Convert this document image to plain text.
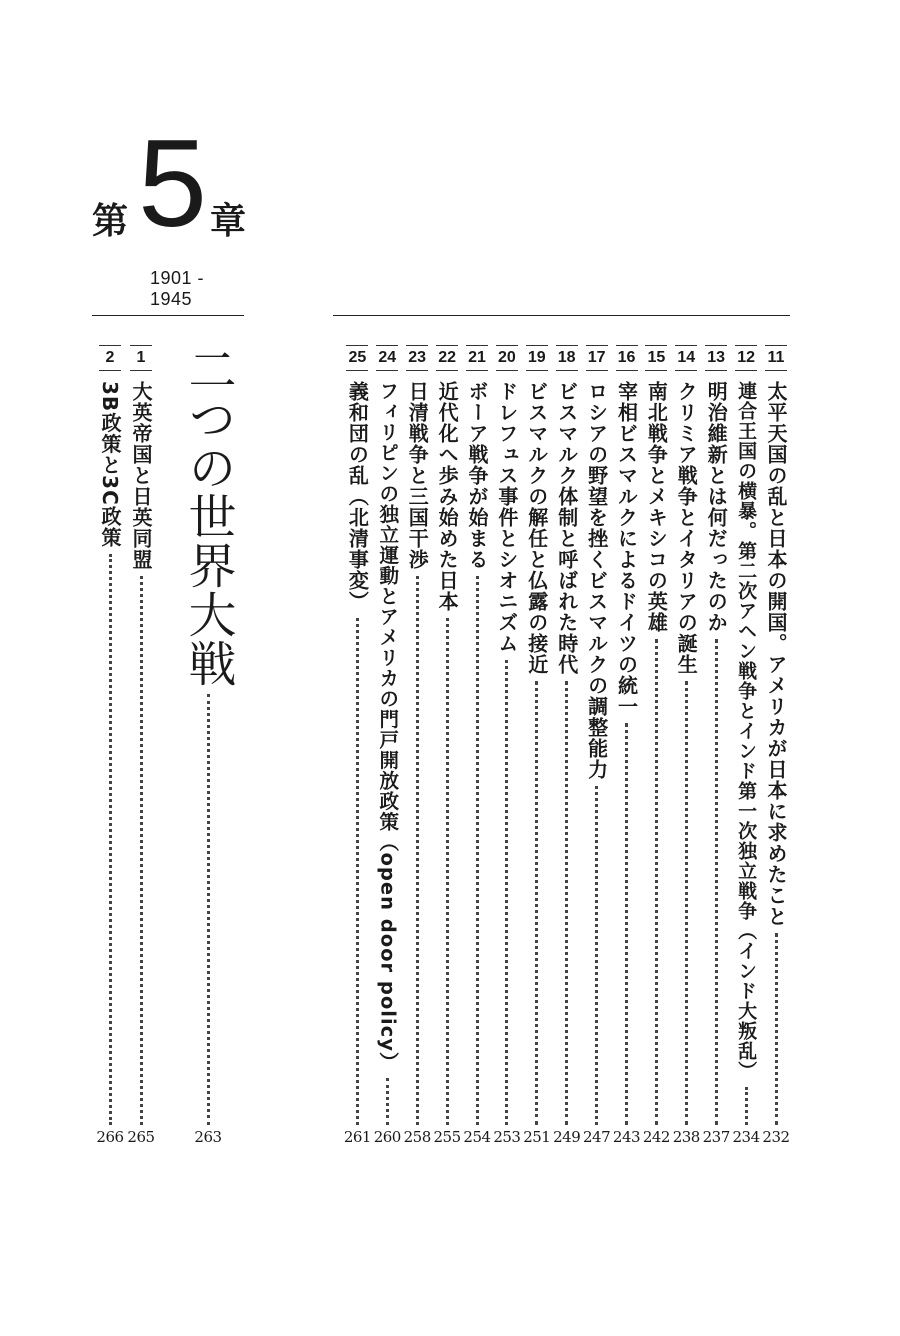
第 5 章
1901 - 1945
二つの世界大戦
1
大英帝国と日英同盟
2
3B政策と3C政策
11
太平天国の乱と日本の開国。アメリカが日本に求めたこと
12
連合王国の横暴。第二次アヘン戦争とインド第一次独立戦争（インド大叛乱）
13
明治維新とは何だったのか
14
クリミア戦争とイタリアの誕生
15
南北戦争とメキシコの英雄
16
宰相ビスマルクによるドイツの統一
17
ロシアの野望を挫くビスマルクの調整能力
18
ビスマルク体制と呼ばれた時代
19
ビスマルクの解任と仏露の接近
20
ドレフュス事件とシオニズム
21
ボーア戦争が始まる
22
近代化へ歩み始めた日本
23
日清戦争と三国干渉
24
フィリピンの独立運動とアメリカの門戸開放政策（open door policy）
25
義和団の乱（北清事変）
263	232
234
237
238
242
243
247
249
251
253
254
255
258
260
261
265
266
